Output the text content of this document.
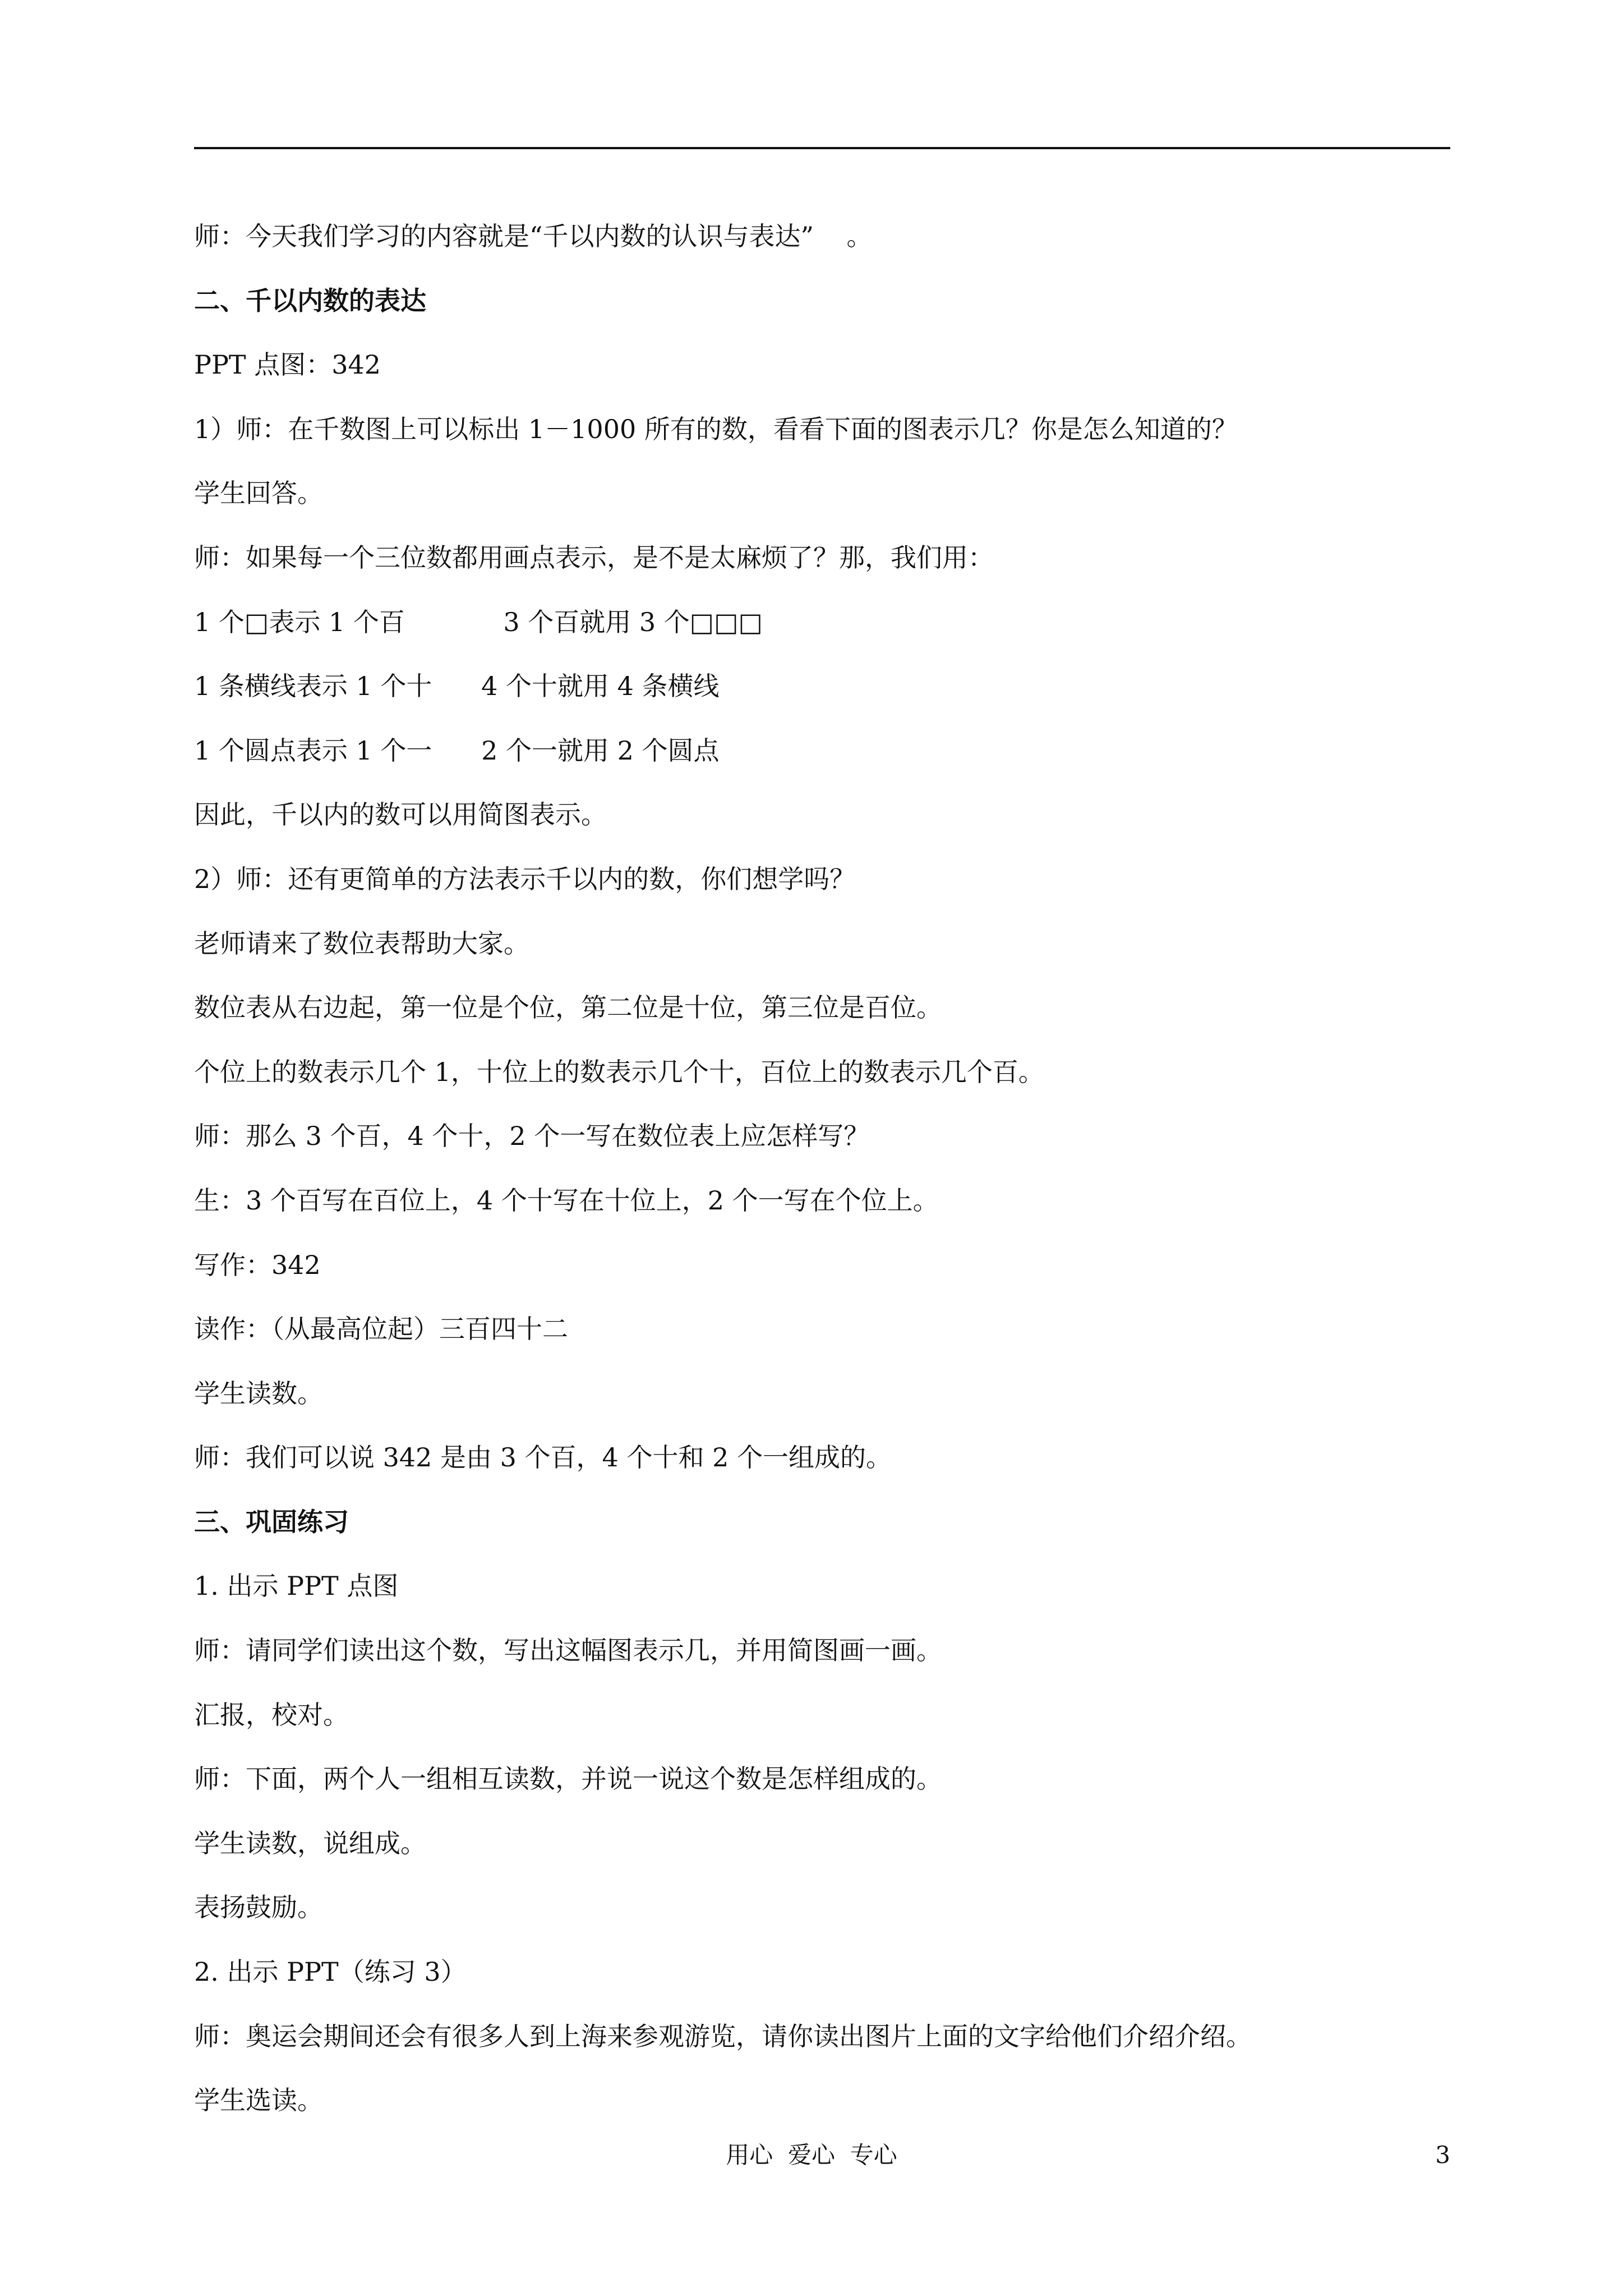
师：今天我们学习的内容就是“千以内数的认识与表达”    。
二、千以内数的表达
PPT 点图：342
1）师：在千数图上可以标出 1－1000 所有的数，看看下面的图表示几？你是怎么知道的？
学生回答。
师：如果每一个三位数都用画点表示，是不是太麻烦了？那，我们用：
1 个□表示 1 个百            3 个百就用 3 个□□□
1 条横线表示 1 个十      4 个十就用 4 条横线
1 个圆点表示 1 个一      2 个一就用 2 个圆点
因此，千以内的数可以用简图表示。
2）师：还有更简单的方法表示千以内的数，你们想学吗？
老师请来了数位表帮助大家。
数位表从右边起，第一位是个位，第二位是十位，第三位是百位。
个位上的数表示几个 1，十位上的数表示几个十，百位上的数表示几个百。
师：那么 3 个百，4 个十，2 个一写在数位表上应怎样写？
生：3 个百写在百位上，4 个十写在十位上，2 个一写在个位上。
写作：342
读作：（从最高位起）三百四十二
学生读数。
师：我们可以说 342 是由 3 个百，4 个十和 2 个一组成的。
三、巩固练习
1. 出示 PPT 点图
师：请同学们读出这个数，写出这幅图表示几，并用简图画一画。
汇报，校对。
师：下面，两个人一组相互读数，并说一说这个数是怎样组成的。
学生读数，说组成。
表扬鼓励。
2. 出示 PPT（练习 3）
师：奥运会期间还会有很多人到上海来参观游览，请你读出图片上面的文字给他们介绍介绍。
学生选读。
用心  爱心  专心	3
